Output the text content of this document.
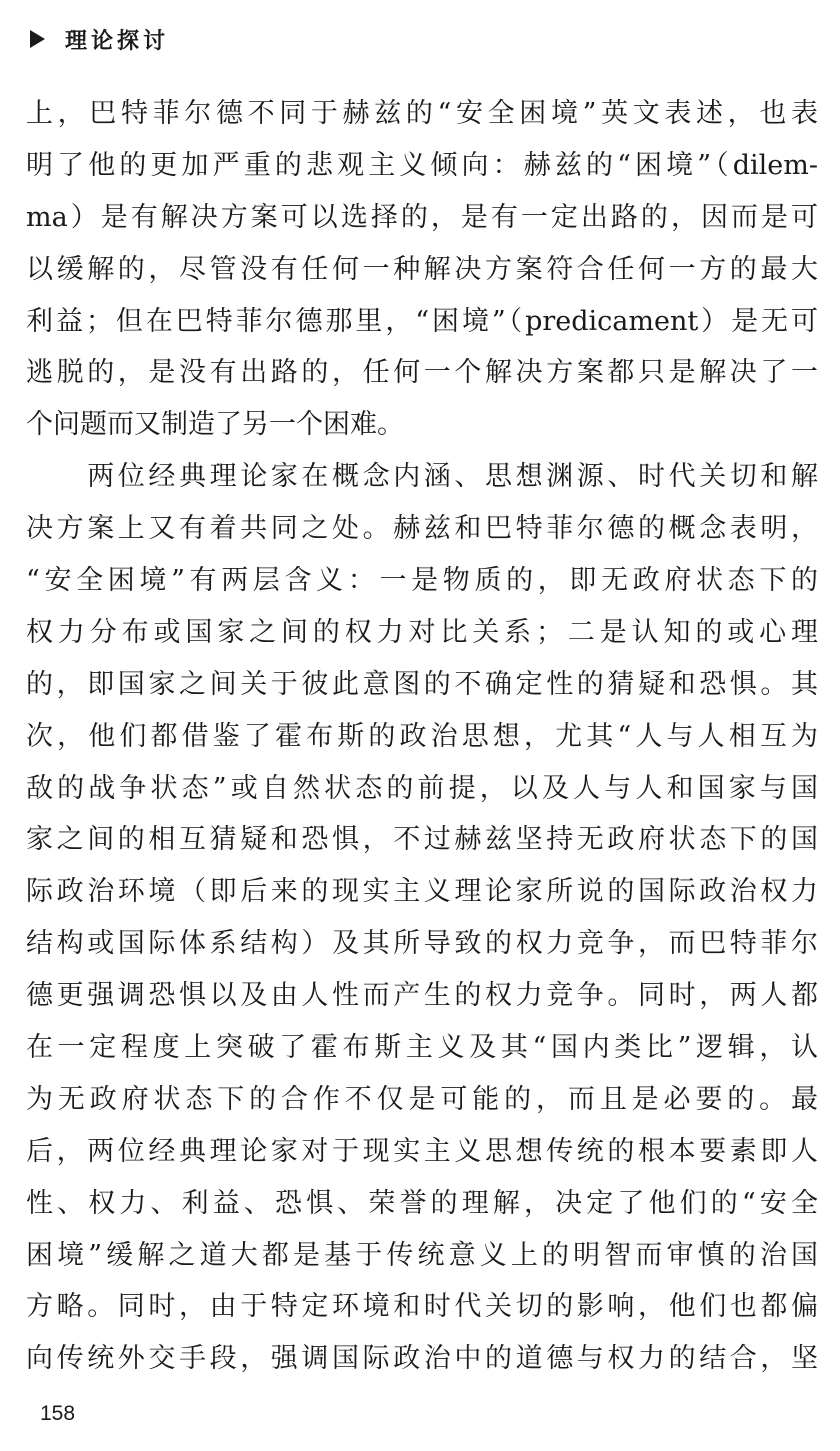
理论探讨
上，巴特菲尔德不同于赫兹的“安全困境”英文表述，也表
明了他的更加严重的悲观主义倾向：赫兹的“困境”（dilem-
ma）是有解决方案可以选择的，是有一定出路的，因而是可
以缓解的，尽管没有任何一种解决方案符合任何一方的最大
利益；但在巴特菲尔德那里，“困境”（predicament）是无可
逃脱的，是没有出路的，任何一个解决方案都只是解决了一
个问题而又制造了另一个困难。
　　两位经典理论家在概念内涵、思想渊源、时代关切和解
决方案上又有着共同之处。赫兹和巴特菲尔德的概念表明，
“安全困境”有两层含义：一是物质的，即无政府状态下的
权力分布或国家之间的权力对比关系；二是认知的或心理
的，即国家之间关于彼此意图的不确定性的猜疑和恐惧。其
次，他们都借鉴了霍布斯的政治思想，尤其“人与人相互为
敌的战争状态”或自然状态的前提，以及人与人和国家与国
家之间的相互猜疑和恐惧，不过赫兹坚持无政府状态下的国
际政治环境（即后来的现实主义理论家所说的国际政治权力
结构或国际体系结构）及其所导致的权力竞争，而巴特菲尔
德更强调恐惧以及由人性而产生的权力竞争。同时，两人都
在一定程度上突破了霍布斯主义及其“国内类比”逻辑，认
为无政府状态下的合作不仅是可能的，而且是必要的。最
后，两位经典理论家对于现实主义思想传统的根本要素即人
性、权力、利益、恐惧、荣誉的理解，决定了他们的“安全
困境”缓解之道大都是基于传统意义上的明智而审慎的治国
方略。同时，由于特定环境和时代关切的影响，他们也都偏
向传统外交手段，强调国际政治中的道德与权力的结合，坚
158
